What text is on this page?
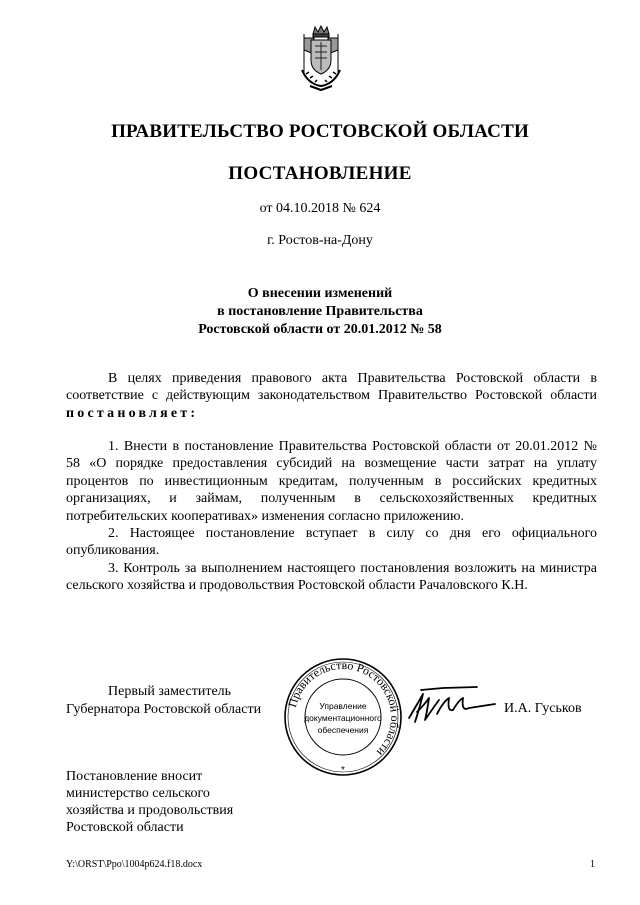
ПРАВИТЕЛЬСТВО РОСТОВСКОЙ ОБЛАСТИ
ПОСТАНОВЛЕНИЕ
от 04.10.2018 № 624
г. Ростов-на-Дону
О внесении изменений
в постановление Правительства
Ростовской области от 20.01.2012 № 58

В целях приведения правового акта Правительства Ростовской области в соответствие с действующим законодательством Правительство Ростовской области постановляет:

1. Внести в постановление Правительства Ростовской области от 20.01.2012 № 58 «О порядке предоставления субсидий на возмещение части затрат на уплату процентов по инвестиционным кредитам, полученным в российских кредитных организациях, и займам, полученным в сельскохозяйственных кредитных потребительских кооперативах» изменения согласно приложению.

2. Настоящее постановление вступает в силу со дня его официального опубликования.

3. Контроль за выполнением настоящего постановления возложить на министра сельского хозяйства и продовольствия Ростовской области Рачаловского К.Н.

Первый заместитель
Губернатора Ростовской области Правительство Ростовской области
Управление
документационного
обеспечения
*
И.А. Гуськов
Постановление вносит
министерство сельского
хозяйства и продовольствия
Ростовской области
Y:\ORST\Ppo\1004p624.f18.docx	1
